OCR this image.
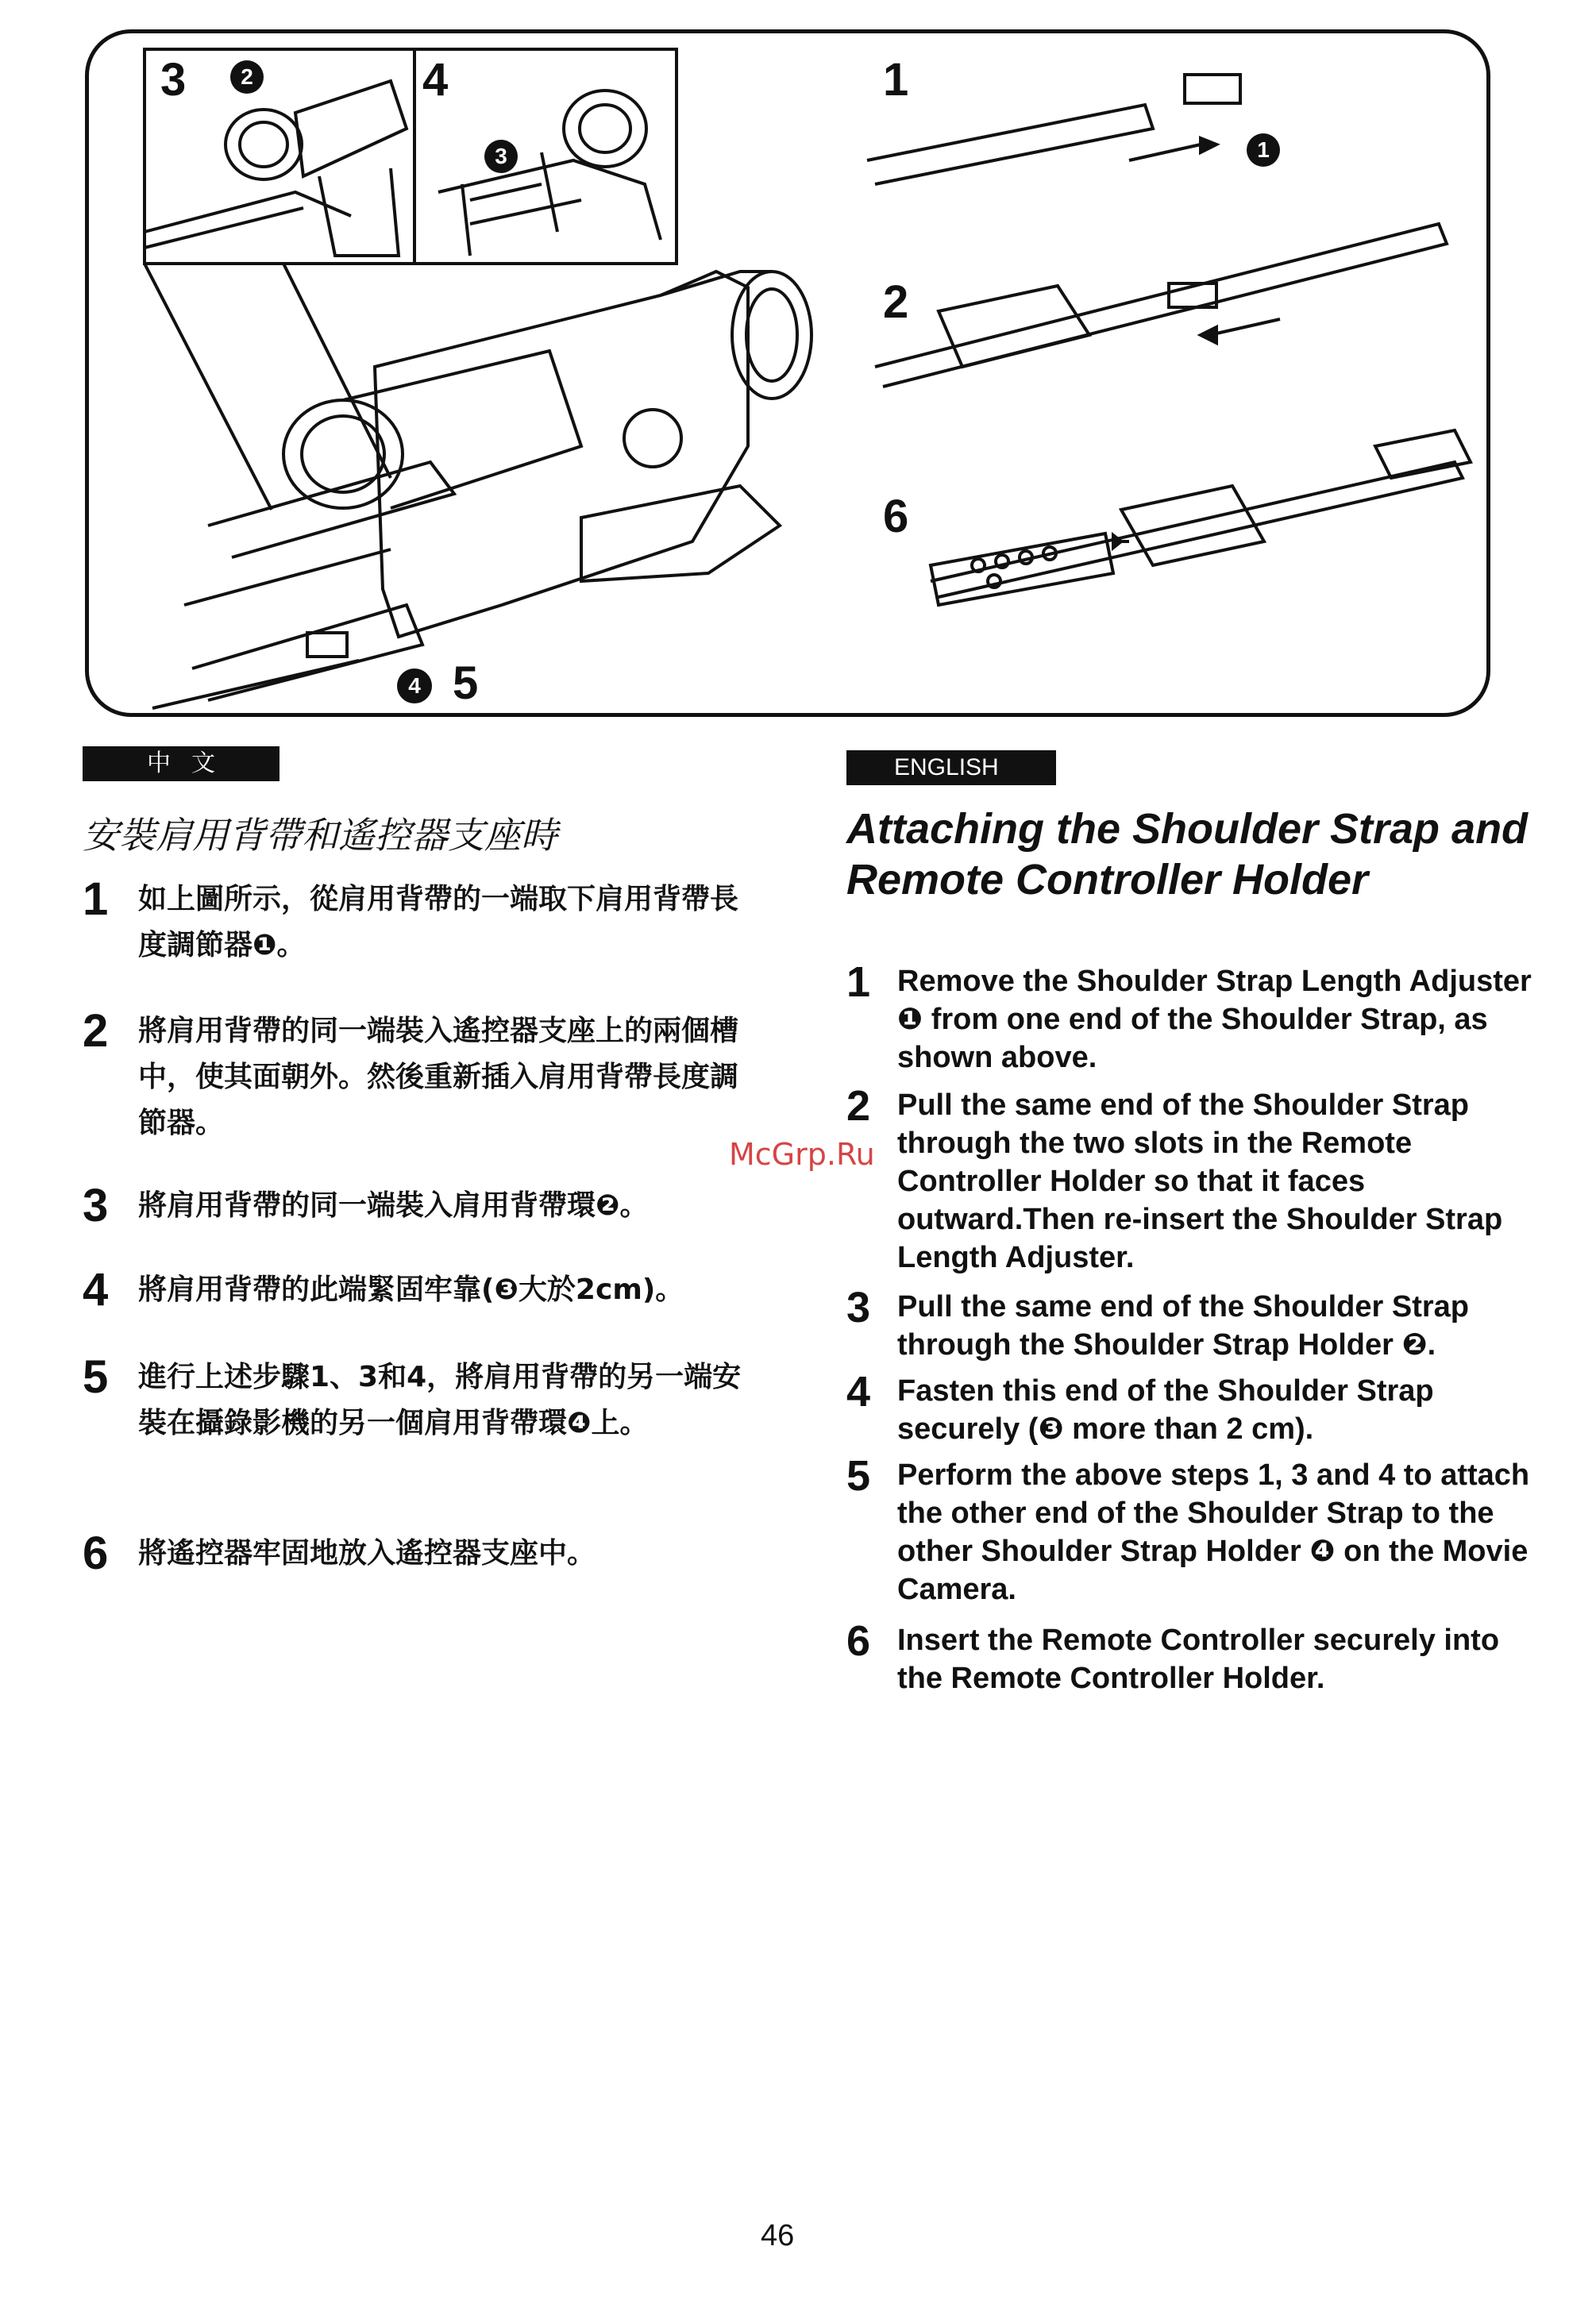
3	4	1
2
6
5
2
3	1
4
中文
安裝肩用背帶和遙控器支座時
1 如上圖所示，從肩用背帶的一端取下肩用背帶長度調節器❶。
2 將肩用背帶的同一端裝入遙控器支座上的兩個槽中，使其面朝外。然後重新插入肩用背帶長度調節器。
3 將肩用背帶的同一端裝入肩用背帶環❷。
4 將肩用背帶的此端緊固牢靠(❸大於2cm)。
5 進行上述步驟1、3和4，將肩用背帶的另一端安裝在攝錄影機的另一個肩用背帶環❹上。
6 將遙控器牢固地放入遙控器支座中。
ENGLISH
Attaching the Shoulder Strap and Remote Controller Holder
1 Remove the Shoulder Strap Length Adjuster ❶ from one end of the Shoulder Strap, as shown above.
2 Pull the same end of the Shoulder Strap through the two slots in the Remote Controller Holder so that it faces outward.Then re-insert the Shoulder Strap Length Adjuster.
3 Pull the same end of the Shoulder Strap through the Shoulder Strap Holder ❷.
4 Fasten this end of the Shoulder Strap securely (❸ more than 2 cm).
5 Perform the above steps 1, 3 and 4 to attach the other end of the Shoulder Strap to the other Shoulder Strap Holder ❹ on the Movie Camera.
6 Insert the Remote Controller securely into the Remote Controller Holder.
McGrp.Ru
46
